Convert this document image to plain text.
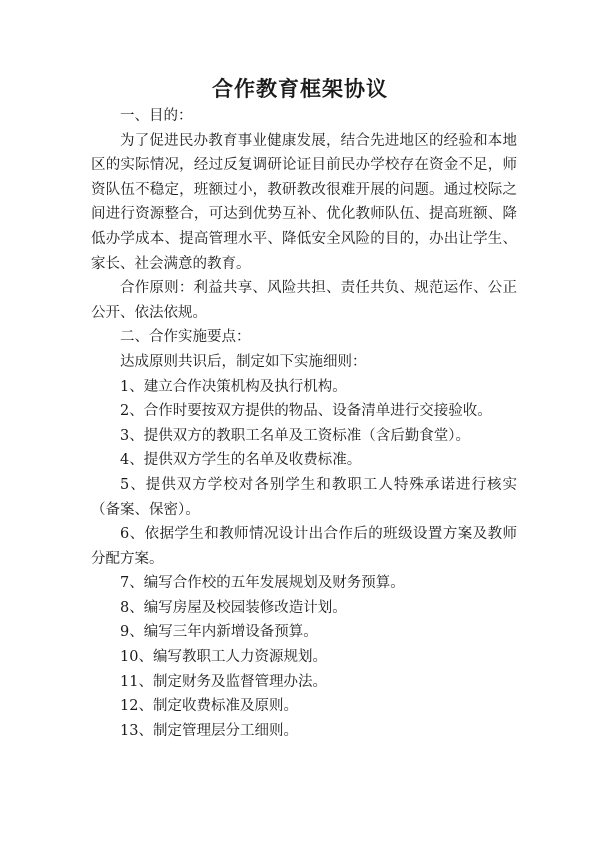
合作教育框架协议

一、目的：

为了促进民办教育事业健康发展，结合先进地区的经验和本地区的实际情况，经过反复调研论证目前民办学校存在资金不足，师资队伍不稳定，班额过小，教研教改很难开展的问题。通过校际之间进行资源整合，可达到优势互补、优化教师队伍、提高班额、降低办学成本、提高管理水平、降低安全风险的目的，办出让学生、家长、社会满意的教育。

合作原则：利益共享、风险共担、责任共负、规范运作、公正公开、依法依规。

二、合作实施要点：

达成原则共识后，制定如下实施细则：

1、建立合作决策机构及执行机构。

2、合作时要按双方提供的物品、设备清单进行交接验收。

3、提供双方的教职工名单及工资标准（含后勤食堂）。

4、提供双方学生的名单及收费标准。

5、提供双方学校对各别学生和教职工人特殊承诺进行核实（备案、保密）。

6、依据学生和教师情况设计出合作后的班级设置方案及教师分配方案。

7、编写合作校的五年发展规划及财务预算。

8、编写房屋及校园装修改造计划。

9、编写三年内新增设备预算。

10、编写教职工人力资源规划。

11、制定财务及监督管理办法。

12、制定收费标准及原则。

13、制定管理层分工细则。
